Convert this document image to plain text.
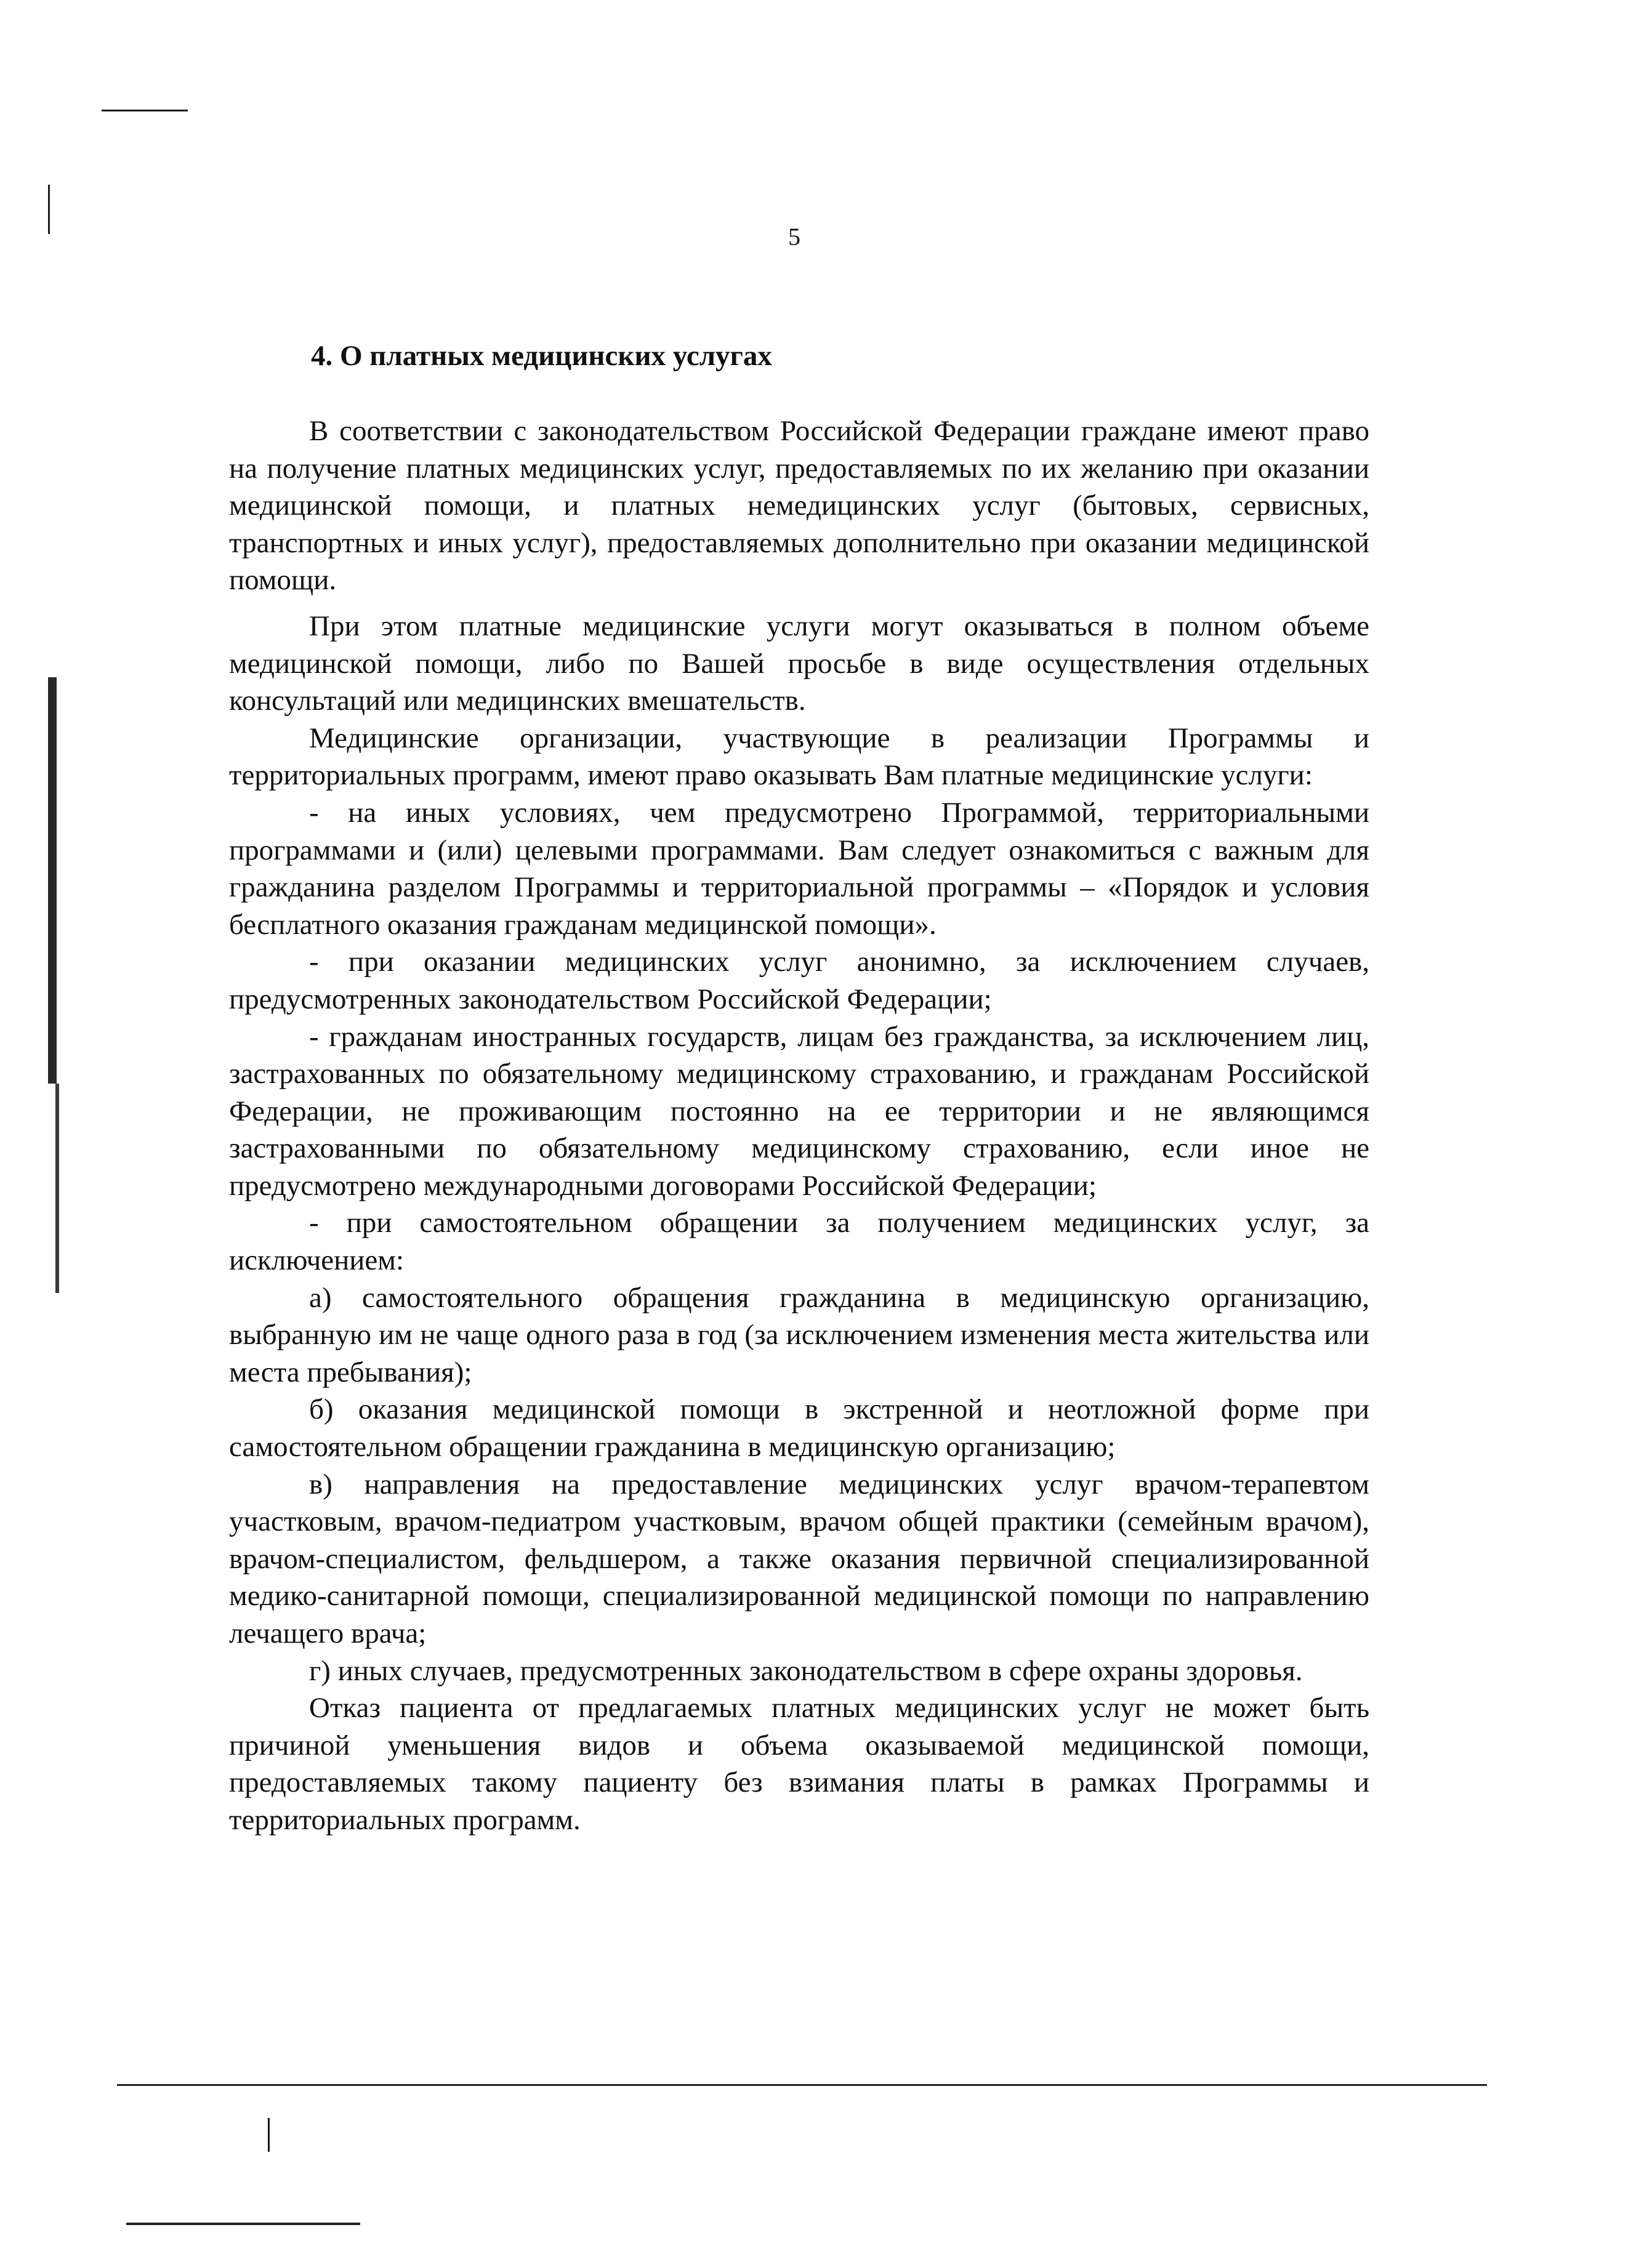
5
4. О платных медицинских услугах

В соответствии с законодательством Российской Федерации граждане имеют право на получение платных медицинских услуг, предоставляемых по их желанию при оказании медицинской помощи, и платных немедицинских услуг (бытовых, сервисных, транспортных и иных услуг), предоставляемых дополнительно при оказании медицинской помощи.

При этом платные медицинские услуги могут оказываться в полном объеме медицинской помощи, либо по Вашей просьбе в виде осуществления отдельных консультаций или медицинских вмешательств.

Медицинские организации, участвующие в реализации Программы и территориальных программ, имеют право оказывать Вам платные медицинские услуги:

- на иных условиях, чем предусмотрено Программой, территориальными программами и (или) целевыми программами. Вам следует ознакомиться с важным для гражданина разделом Программы и территориальной программы – «Порядок и условия бесплатного оказания гражданам медицинской помощи».

- при оказании медицинских услуг анонимно, за исключением случаев, предусмотренных законодательством Российской Федерации;

- гражданам иностранных государств, лицам без гражданства, за исключением лиц, застрахованных по обязательному медицинскому страхованию, и гражданам Российской Федерации, не проживающим постоянно на ее территории и не являющимся застрахованными по обязательному медицинскому страхованию, если иное не предусмотрено международными договорами Российской Федерации;

- при самостоятельном обращении за получением медицинских услуг, за исключением:

а) самостоятельного обращения гражданина в медицинскую организацию, выбранную им не чаще одного раза в год (за исключением изменения места жительства или места пребывания);

б) оказания медицинской помощи в экстренной и неотложной форме при самостоятельном обращении гражданина в медицинскую организацию;

в) направления на предоставление медицинских услуг врачом-терапевтом участковым, врачом-педиатром участковым, врачом общей практики (семейным врачом), врачом-специалистом, фельдшером, а также оказания первичной специализированной медико-санитарной помощи, специализированной медицинской помощи по направлению лечащего врача;

г) иных случаев, предусмотренных законодательством в сфере охраны здоровья.

Отказ пациента от предлагаемых платных медицинских услуг не может быть причиной уменьшения видов и объема оказываемой медицинской помощи, предоставляемых такому пациенту без взимания платы в рамках Программы и территориальных программ.
